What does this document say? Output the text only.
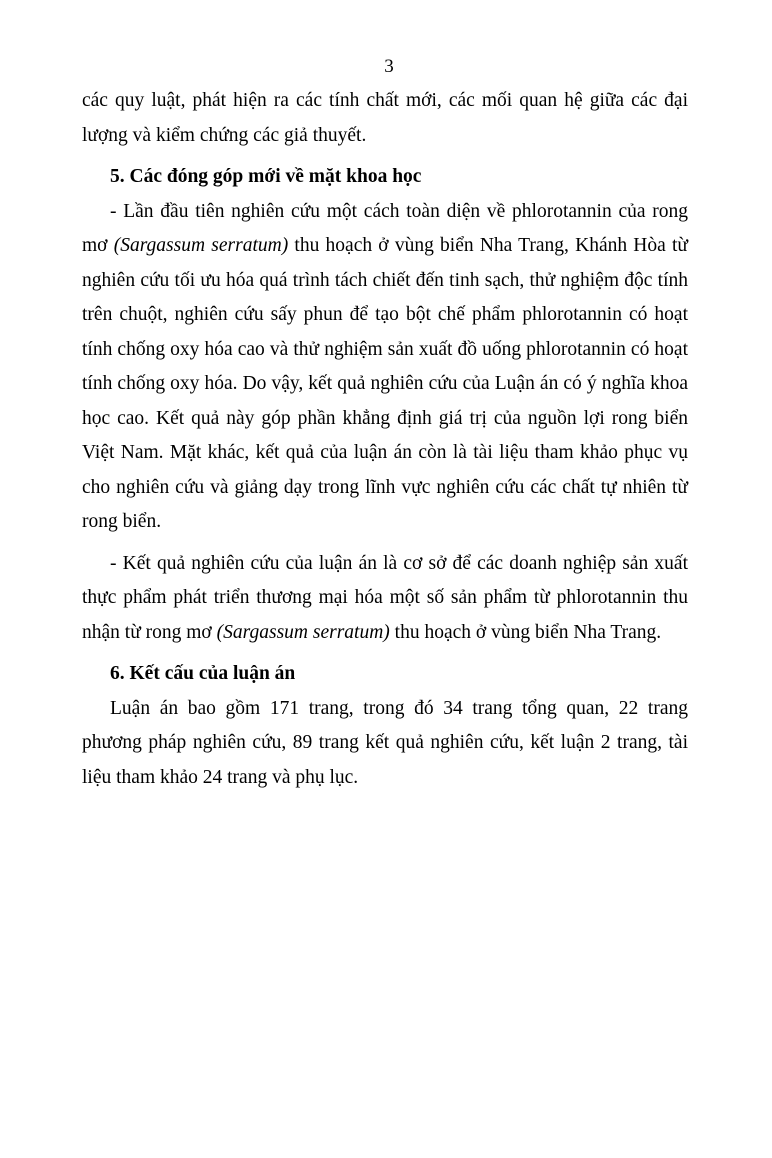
3

các quy luật, phát hiện ra các tính chất mới, các mối quan hệ giữa các đại lượng và kiểm chứng các giả thuyết.

5. Các đóng góp mới về mặt khoa học

- Lần đầu tiên nghiên cứu một cách toàn diện về phlorotannin của rong mơ (Sargassum serratum) thu hoạch ở vùng biển Nha Trang, Khánh Hòa từ nghiên cứu tối ưu hóa quá trình tách chiết đến tinh sạch, thử nghiệm độc tính trên chuột, nghiên cứu sấy phun để tạo bột chế phẩm phlorotannin có hoạt tính chống oxy hóa cao và thử nghiệm sản xuất đồ uống phlorotannin có hoạt tính chống oxy hóa. Do vậy, kết quả nghiên cứu của Luận án có ý nghĩa khoa học cao. Kết quả này góp phần khẳng định giá trị của nguồn lợi rong biển Việt Nam. Mặt khác, kết quả của luận án còn là tài liệu tham khảo phục vụ cho nghiên cứu và giảng dạy trong lĩnh vực nghiên cứu các chất tự nhiên từ rong biển.

- Kết quả nghiên cứu của luận án là cơ sở để các doanh nghiệp sản xuất thực phẩm phát triển thương mại hóa một số sản phẩm từ phlorotannin thu nhận từ rong mơ (Sargassum serratum) thu hoạch ở vùng biển Nha Trang.

6. Kết cấu của luận án

Luận án bao gồm 171 trang, trong đó 34 trang tổng quan, 22 trang phương pháp nghiên cứu, 89 trang kết quả nghiên cứu, kết luận 2 trang, tài liệu tham khảo 24 trang và phụ lục.
